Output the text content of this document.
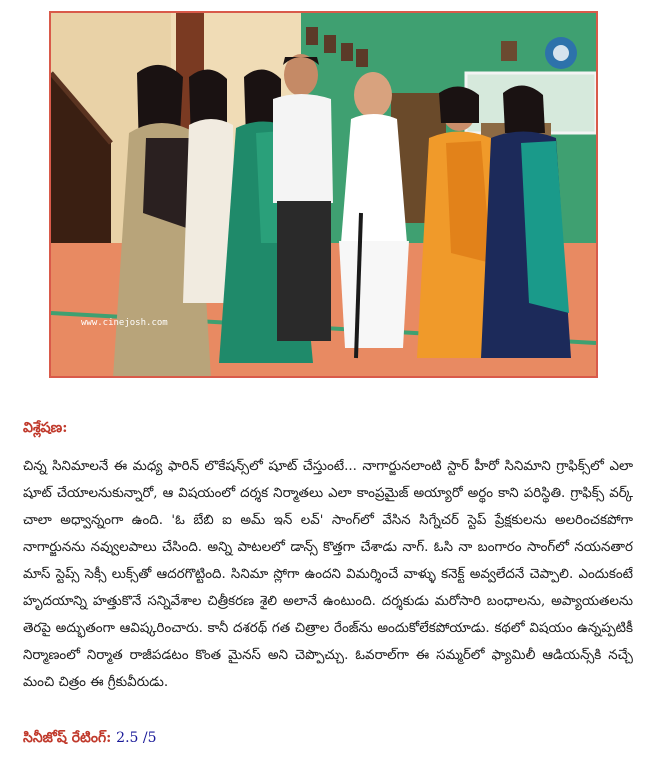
www.cinejosh.com
విశ్లేషణ:

చిన్న సినిమాలనే ఈ మధ్య ఫారిన్ లొకేషన్స్‌లో షూట్ చేస్తుంటే... నాగార్జునలాంటి స్టార్ హీరో సినిమాని గ్రాఫిక్స్‌లో ఎలా షూట్ చేయాలనుకున్నారో, ఆ విషయంలో దర్శక నిర్మాతలు ఎలా కాంప్రమైజ్ అయ్యారో అర్థం కాని పరిస్థితి. గ్రాఫిక్స్ వర్క్ చాలా అధ్వాన్నంగా ఉంది. 'ఓ బేబి ఐ అమ్ ఇన్ లవ్' సాంగ్‌లో వేసిన సిగ్నేచర్ స్టెప్ ప్రేక్షకులను అలరించకపోగా నాగార్జునను నవ్వులపాలు చేసింది. అన్ని పాటలలో డాన్స్ కొత్తగా చేశాడు నాగ్. ఓసి నా బంగారం సాంగ్‌లో నయనతార మాస్ స్టెప్స్ సెక్సీ లుక్స్‌తో ఆదరగొట్టింది. సినిమా స్లోగా ఉందని విమర్శించే వాళ్ళు కనెక్ట్ అవ్వలేదనే చెప్పాలి. ఎందుకంటే హృదయాన్ని హత్తుకొనే సన్నివేశాల చిత్రీకరణ శైలి అలానే ఉంటుంది. దర్శకుడు మరోసారి బంధాలను, అప్యాయతలను తెరపై అద్భుతంగా ఆవిష్కరించారు. కానీ దశరథ్ గత చిత్రాల రేంజ్‌ను అందుకోలేకపోయాడు. కథలో విషయం ఉన్నప్పటికీ నిర్మాణంలో నిర్మాత రాజీపడటం కొంత మైనస్ అని చెప్పొచ్చు. ఓవరాల్‌గా ఈ సమ్మర్‌లో ఫ్యామిలీ ఆడియన్స్‌కి నచ్చే మంచి చిత్రం ఈ గ్రీకువీరుడు.

సినీజోష్ రేటింగ్: 2.5 /5
